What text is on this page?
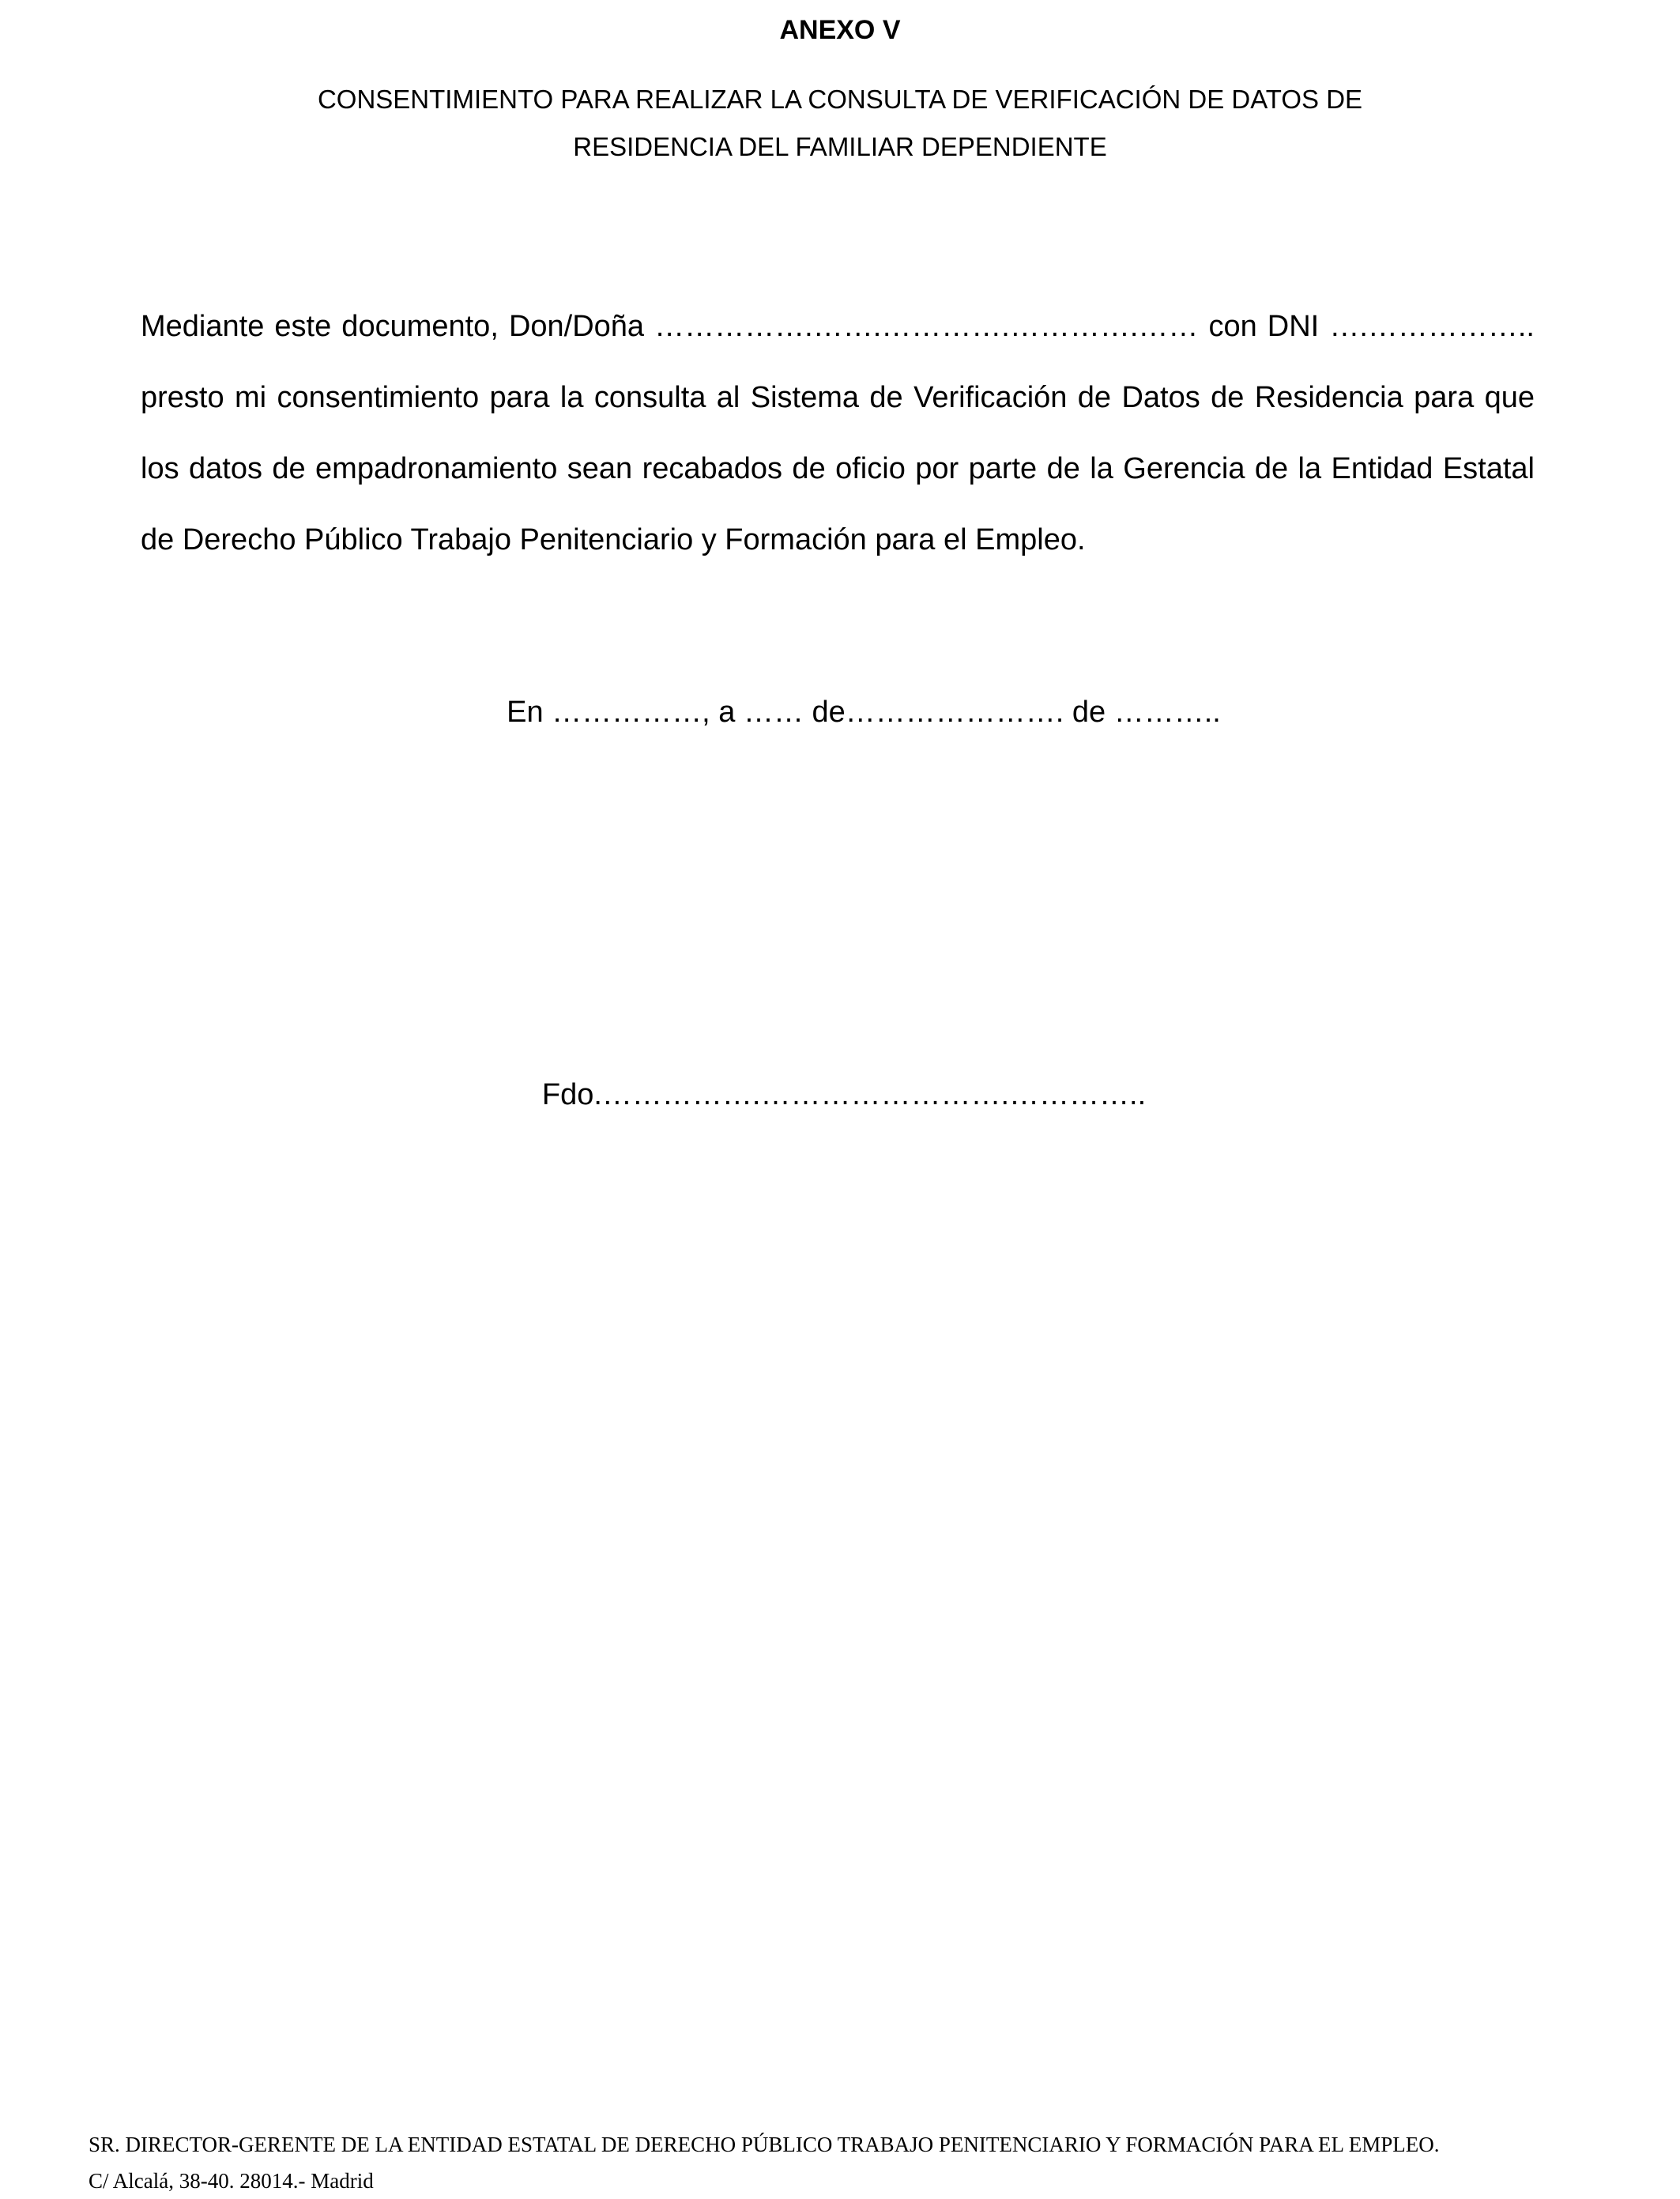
ANEXO V
CONSENTIMIENTO PARA REALIZAR LA CONSULTA DE VERIFICACIÓN DE DATOS DE
RESIDENCIA DEL FAMILIAR DEPENDIENTE
Mediante este documento, Don/Doña …………….…….………….………….…… con DNI ….……………..
presto mi consentimiento para la consulta al Sistema de Verificación de Datos de Residencia para que
los datos de empadronamiento sean recabados de oficio por parte de la Gerencia de la Entidad Estatal
de Derecho Público Trabajo Penitenciario y Formación para el Empleo.
En ……………, a …… de…………………. de ………..
Fdo.…………….…………………….…………..
SR. DIRECTOR-GERENTE DE LA ENTIDAD ESTATAL DE DERECHO PÚBLICO TRABAJO PENITENCIARIO Y FORMACIÓN PARA EL EMPLEO.
C/ Alcalá, 38-40. 28014.- Madrid
